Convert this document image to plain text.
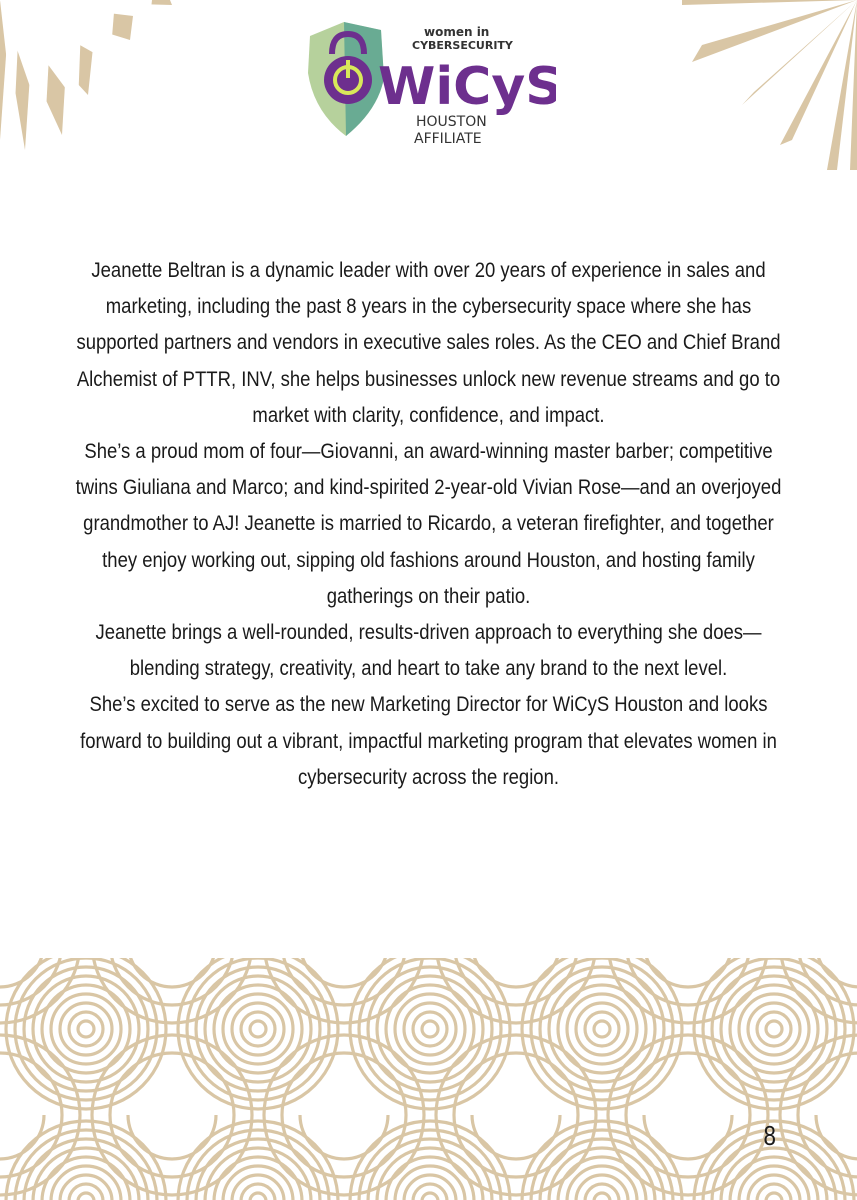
women in
CYBERSECURITY
WiCyS
HOUSTON
AFFILIATE

Jeanette Beltran is a dynamic leader with over 20 years of experience in sales and marketing, including the past 8 years in the cybersecurity space where she has supported partners and vendors in executive sales roles. As the CEO and Chief Brand Alchemist of PTTR, INV, she helps businesses unlock new revenue streams and go to market with clarity, confidence, and impact.

She’s a proud mom of four—Giovanni, an award-winning master barber; competitive twins Giuliana and Marco; and kind-spirited 2-year-old Vivian Rose—and an overjoyed grandmother to AJ! Jeanette is married to Ricardo, a veteran firefighter, and together they enjoy working out, sipping old fashions around Houston, and hosting family gatherings on their patio.

Jeanette brings a well-rounded, results-driven approach to everything she does—blending strategy, creativity, and heart to take any brand to the next level.

She’s excited to serve as the new Marketing Director for WiCyS Houston and looks forward to building out a vibrant, impactful marketing program that elevates women in cybersecurity across the region.

8
